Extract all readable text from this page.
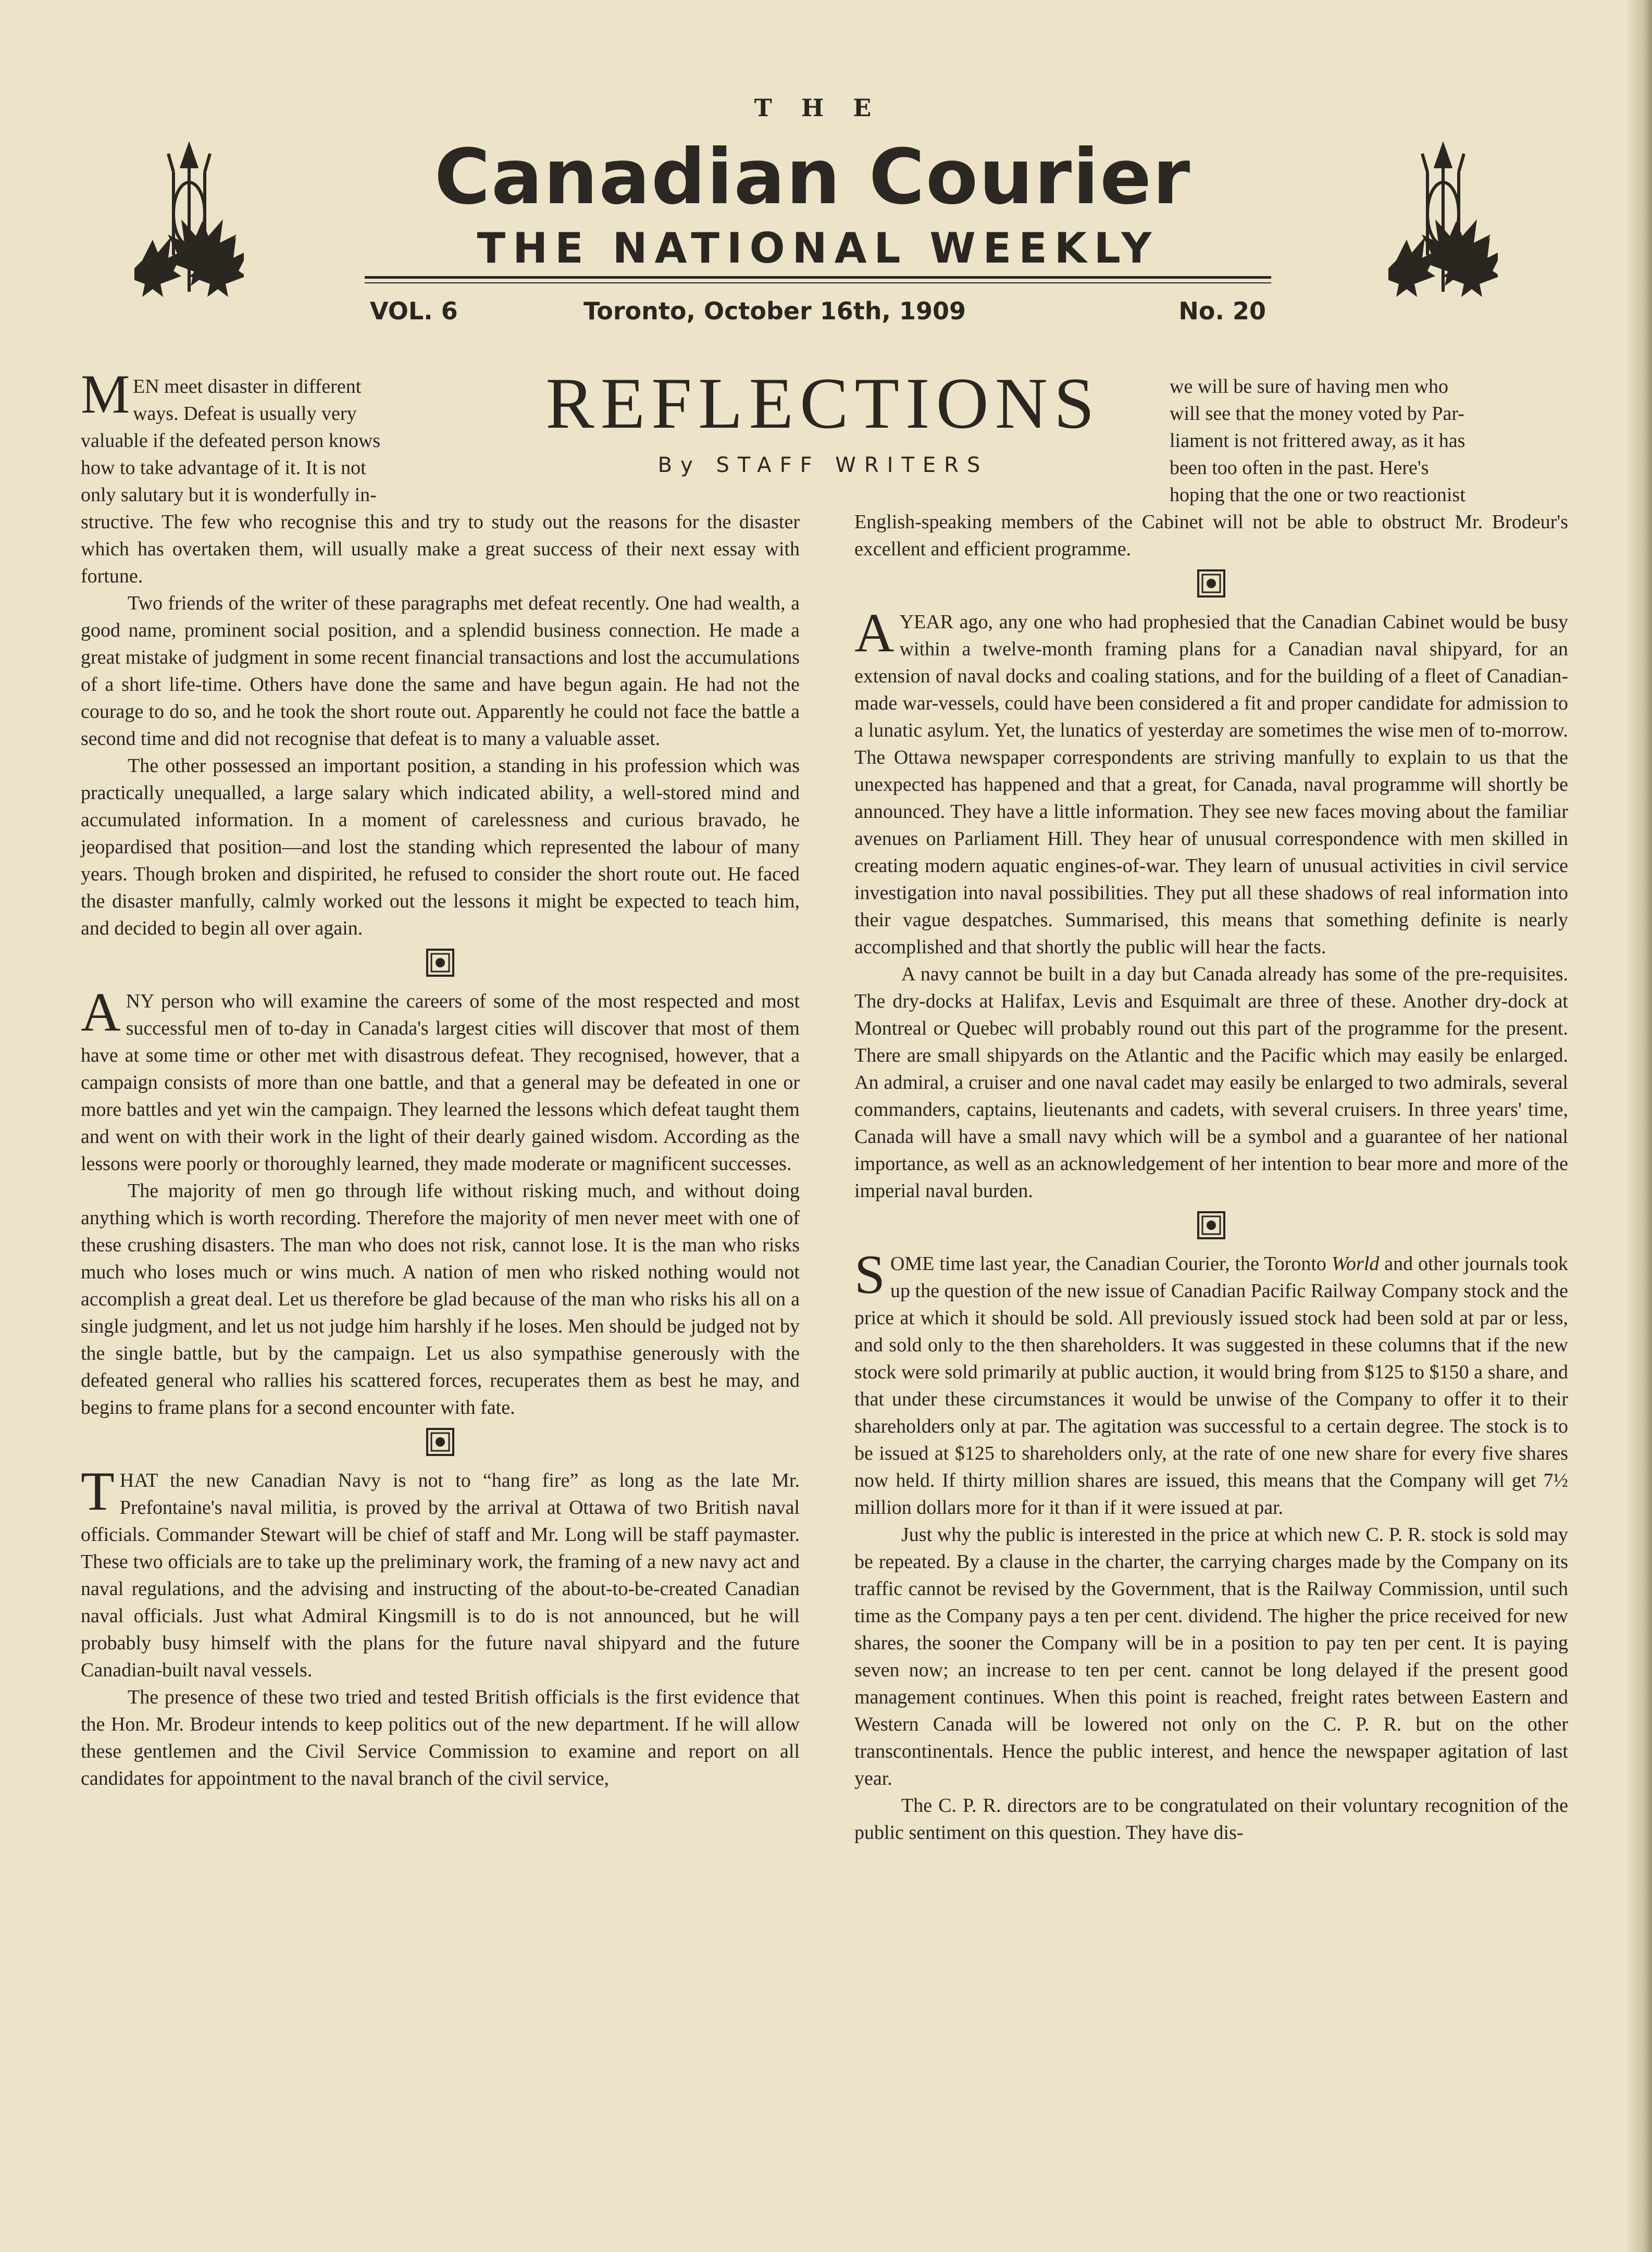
THE
Canadian Courier
THE NATIONAL WEEKLY
VOL. 6	Toronto, October 16th, 1909	No. 20
REFLECTIONS
By STAFF WRITERS
M EN meet disaster in different
ways. Defeat is usually very
valuable if the defeated person knows
how to take advantage of it. It is not
only salutary but it is wonderfully in-

structive. The few who recognise this and try to study out the reasons for the disaster which has overtaken them, will usually make a great success of their next essay with fortune.

Two friends of the writer of these paragraphs met defeat recently. One had wealth, a good name, prominent social position, and a splendid business connection. He made a great mistake of judgment in some recent financial transactions and lost the accumulations of a short life-time. Others have done the same and have begun again. He had not the courage to do so, and he took the short route out. Apparently he could not face the battle a second time and did not recognise that defeat is to many a valuable asset.

The other possessed an important position, a standing in his profession which was practically unequalled, a large salary which indicated ability, a well-stored mind and accumulated information. In a moment of carelessness and curious bravado, he jeopardised that position—and lost the standing which represented the labour of many years. Though broken and dispirited, he refused to consider the short route out. He faced the disaster manfully, calmly worked out the lessons it might be expected to teach him, and decided to begin all over again.

ANY person who will examine the careers of some of the most respected and most successful men of to-day in Canada's largest cities will discover that most of them have at some time or other met with disastrous defeat. They recognised, however, that a campaign consists of more than one battle, and that a general may be defeated in one or more battles and yet win the campaign. They learned the lessons which defeat taught them and went on with their work in the light of their dearly gained wisdom. According as the lessons were poorly or thoroughly learned, they made moderate or magnificent successes.

The majority of men go through life without risking much, and without doing anything which is worth recording. Therefore the majority of men never meet with one of these crushing disasters. The man who does not risk, cannot lose. It is the man who risks much who loses much or wins much. A nation of men who risked nothing would not accomplish a great deal. Let us therefore be glad because of the man who risks his all on a single judgment, and let us not judge him harshly if he loses. Men should be judged not by the single battle, but by the campaign. Let us also sympathise generously with the defeated general who rallies his scattered forces, recuperates them as best he may, and begins to frame plans for a second encounter with fate.

THAT the new Canadian Navy is not to “hang fire” as long as the late Mr. Prefontaine's naval militia, is proved by the arrival at Ottawa of two British naval officials. Commander Stewart will be chief of staff and Mr. Long will be staff paymaster. These two officials are to take up the preliminary work, the framing of a new navy act and naval regulations, and the advising and instructing of the about-to-be-created Canadian naval officials. Just what Admiral Kingsmill is to do is not announced, but he will probably busy himself with the plans for the future naval shipyard and the future Canadian-built naval vessels.

The presence of these two tried and tested British officials is the first evidence that the Hon. Mr. Brodeur intends to keep politics out of the new department. If he will allow these gentlemen and the Civil Service Commission to examine and report on all candidates for appointment to the naval branch of the civil service,

we will be sure of having men who
will see that the money voted by Par-
liament is not frittered away, as it has
been too often in the past. Here's
hoping that the one or two reactionist

English-speaking members of the Cabinet will not be able to obstruct Mr. Brodeur's excellent and efficient programme.

AYEAR ago, any one who had prophesied that the Canadian Cabinet would be busy within a twelve-month framing plans for a Canadian naval shipyard, for an extension of naval docks and coaling stations, and for the building of a fleet of Canadian-made war-vessels, could have been considered a fit and proper candidate for admission to a lunatic asylum. Yet, the lunatics of yesterday are sometimes the wise men of to-morrow. The Ottawa newspaper correspondents are striving manfully to explain to us that the unexpected has happened and that a great, for Canada, naval programme will shortly be announced. They have a little information. They see new faces moving about the familiar avenues on Parliament Hill. They hear of unusual correspondence with men skilled in creating modern aquatic engines-of-war. They learn of unusual activities in civil service investigation into naval possibilities. They put all these shadows of real information into their vague despatches. Summarised, this means that something definite is nearly accomplished and that shortly the public will hear the facts.

A navy cannot be built in a day but Canada already has some of the pre-requisites. The dry-docks at Halifax, Levis and Esquimalt are three of these. Another dry-dock at Montreal or Quebec will probably round out this part of the programme for the present. There are small shipyards on the Atlantic and the Pacific which may easily be enlarged. An admiral, a cruiser and one naval cadet may easily be enlarged to two admirals, several commanders, captains, lieutenants and cadets, with several cruisers. In three years' time, Canada will have a small navy which will be a symbol and a guarantee of her national importance, as well as an acknowledgement of her intention to bear more and more of the imperial naval burden.

SOME time last year, the Canadian Courier, the Toronto World and other journals took up the question of the new issue of Canadian Pacific Railway Company stock and the price at which it should be sold. All previously issued stock had been sold at par or less, and sold only to the then shareholders. It was suggested in these columns that if the new stock were sold primarily at public auction, it would bring from $125 to $150 a share, and that under these circumstances it would be unwise of the Company to offer it to their shareholders only at par. The agitation was successful to a certain degree. The stock is to be issued at $125 to shareholders only, at the rate of one new share for every five shares now held. If thirty million shares are issued, this means that the Company will get 7½ million dollars more for it than if it were issued at par.

Just why the public is interested in the price at which new C. P. R. stock is sold may be repeated. By a clause in the charter, the carrying charges made by the Company on its traffic cannot be revised by the Government, that is the Railway Commission, until such time as the Company pays a ten per cent. dividend. The higher the price received for new shares, the sooner the Company will be in a position to pay ten per cent. It is paying seven now; an increase to ten per cent. cannot be long delayed if the present good management continues. When this point is reached, freight rates between Eastern and Western Canada will be lowered not only on the C. P. R. but on the other transcontinentals. Hence the public interest, and hence the newspaper agitation of last year.

The C. P. R. directors are to be congratulated on their voluntary recognition of the public sentiment on this question. They have dis-
